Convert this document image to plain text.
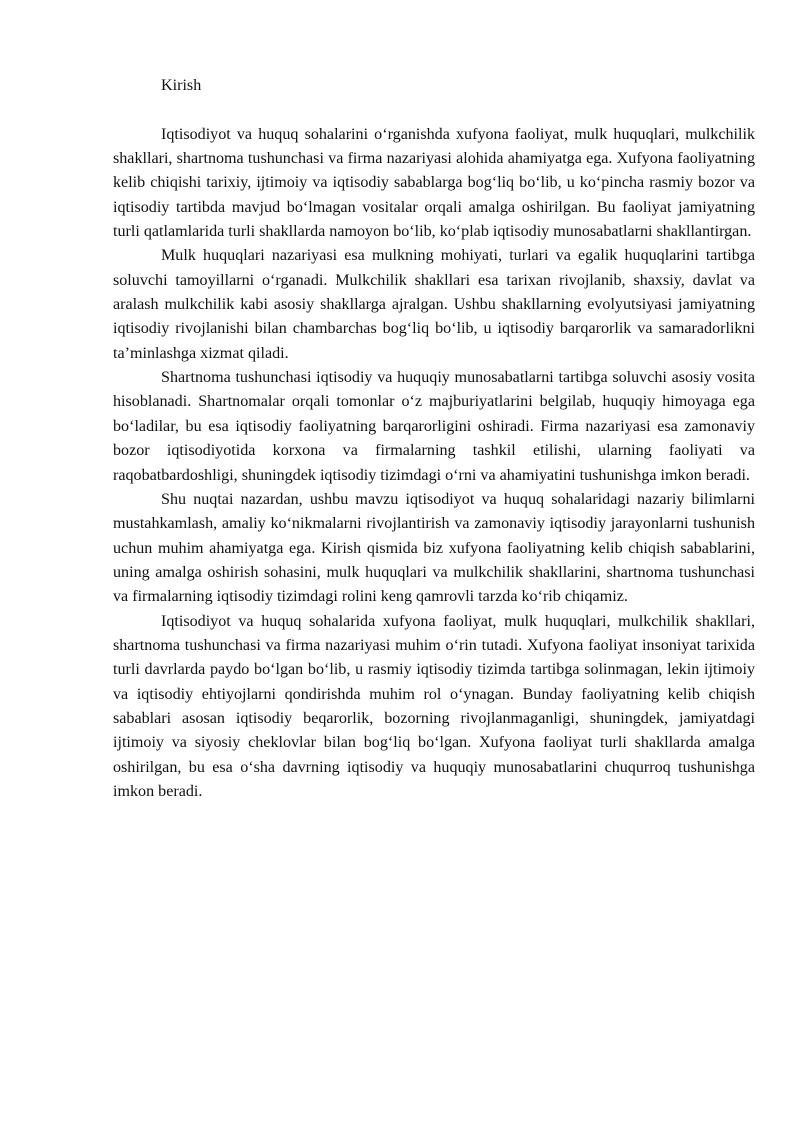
Kirish

Iqtisodiyot va huquq sohalarini o‘rganishda xufyona faoliyat, mulk huquqlari, mulkchilik shakllari, shartnoma tushunchasi va firma nazariyasi alohida ahamiyatga ega. Xufyona faoliyatning kelib chiqishi tarixiy, ijtimoiy va iqtisodiy sabablarga bog‘liq bo‘lib, u ko‘pincha rasmiy bozor va iqtisodiy tartibda mavjud bo‘lmagan vositalar orqali amalga oshirilgan. Bu faoliyat jamiyatning turli qatlamlarida turli shakllarda namoyon bo‘lib, ko‘plab iqtisodiy munosabatlarni shakllantirgan.

Mulk huquqlari nazariyasi esa mulkning mohiyati, turlari va egalik huquqlarini tartibga soluvchi tamoyillarni o‘rganadi. Mulkchilik shakllari esa tarixan rivojlanib, shaxsiy, davlat va aralash mulkchilik kabi asosiy shakllarga ajralgan. Ushbu shakllarning evolyutsiyasi jamiyatning iqtisodiy rivojlanishi bilan chambarchas bog‘liq bo‘lib, u iqtisodiy barqarorlik va samaradorlikni ta’minlashga xizmat qiladi.

Shartnoma tushunchasi iqtisodiy va huquqiy munosabatlarni tartibga soluvchi asosiy vosita hisoblanadi. Shartnomalar orqali tomonlar o‘z majburiyatlarini belgilab, huquqiy himoyaga ega bo‘ladilar, bu esa iqtisodiy faoliyatning barqarorligini oshiradi. Firma nazariyasi esa zamonaviy bozor iqtisodiyotida korxona va firmalarning tashkil etilishi, ularning faoliyati va raqobatbardoshligi, shuningdek iqtisodiy tizimdagi o‘rni va ahamiyatini tushunishga imkon beradi.

Shu nuqtai nazardan, ushbu mavzu iqtisodiyot va huquq sohalaridagi nazariy bilimlarni mustahkamlash, amaliy ko‘nikmalarni rivojlantirish va zamonaviy iqtisodiy jarayonlarni tushunish uchun muhim ahamiyatga ega. Kirish qismida biz xufyona faoliyatning kelib chiqish sabablarini, uning amalga oshirish sohasini, mulk huquqlari va mulkchilik shakllarini, shartnoma tushunchasi va firmalarning iqtisodiy tizimdagi rolini keng qamrovli tarzda ko‘rib chiqamiz.

Iqtisodiyot va huquq sohalarida xufyona faoliyat, mulk huquqlari, mulkchilik shakllari, shartnoma tushunchasi va firma nazariyasi muhim o‘rin tutadi. Xufyona faoliyat insoniyat tarixida turli davrlarda paydo bo‘lgan bo‘lib, u rasmiy iqtisodiy tizimda tartibga solinmagan, lekin ijtimoiy va iqtisodiy ehtiyojlarni qondirishda muhim rol o‘ynagan. Bunday faoliyatning kelib chiqish sabablari asosan iqtisodiy beqarorlik, bozorning rivojlanmaganligi, shuningdek, jamiyatdagi ijtimoiy va siyosiy cheklovlar bilan bog‘liq bo‘lgan. Xufyona faoliyat turli shakllarda amalga oshirilgan, bu esa o‘sha davrning iqtisodiy va huquqiy munosabatlarini chuqurroq tushunishga imkon beradi.
